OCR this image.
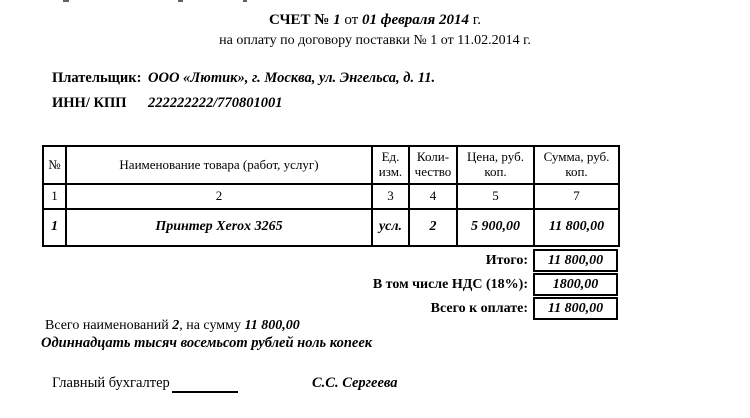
СЧЕТ № 1 от 01 февраля 2014 г.
на оплату по договору поставки № 1 от 11.02.2014 г.
Плательщик: ООО «Лютик», г. Москва, ул. Энгельса, д. 11.
ИНН/ КПП 222222222/770801001
№	Наименование товара (работ, услуг)	Ед. изм.	Коли-чество	Цена, руб. коп.	Сумма, руб. коп.
1	2	3	4	5	7
1	Принтер Xerox 3265	усл.	2	5 900,00	11 800,00
Итого:	11 800,00
В том числе НДС (18%):	1800,00
Всего к оплате:	11 800,00
Всего наименований 2, на сумму 11 800,00
Одиннадцать тысяч восемьсот рублей ноль копеек
Главный бухгалтер	С.С. Сергеева
